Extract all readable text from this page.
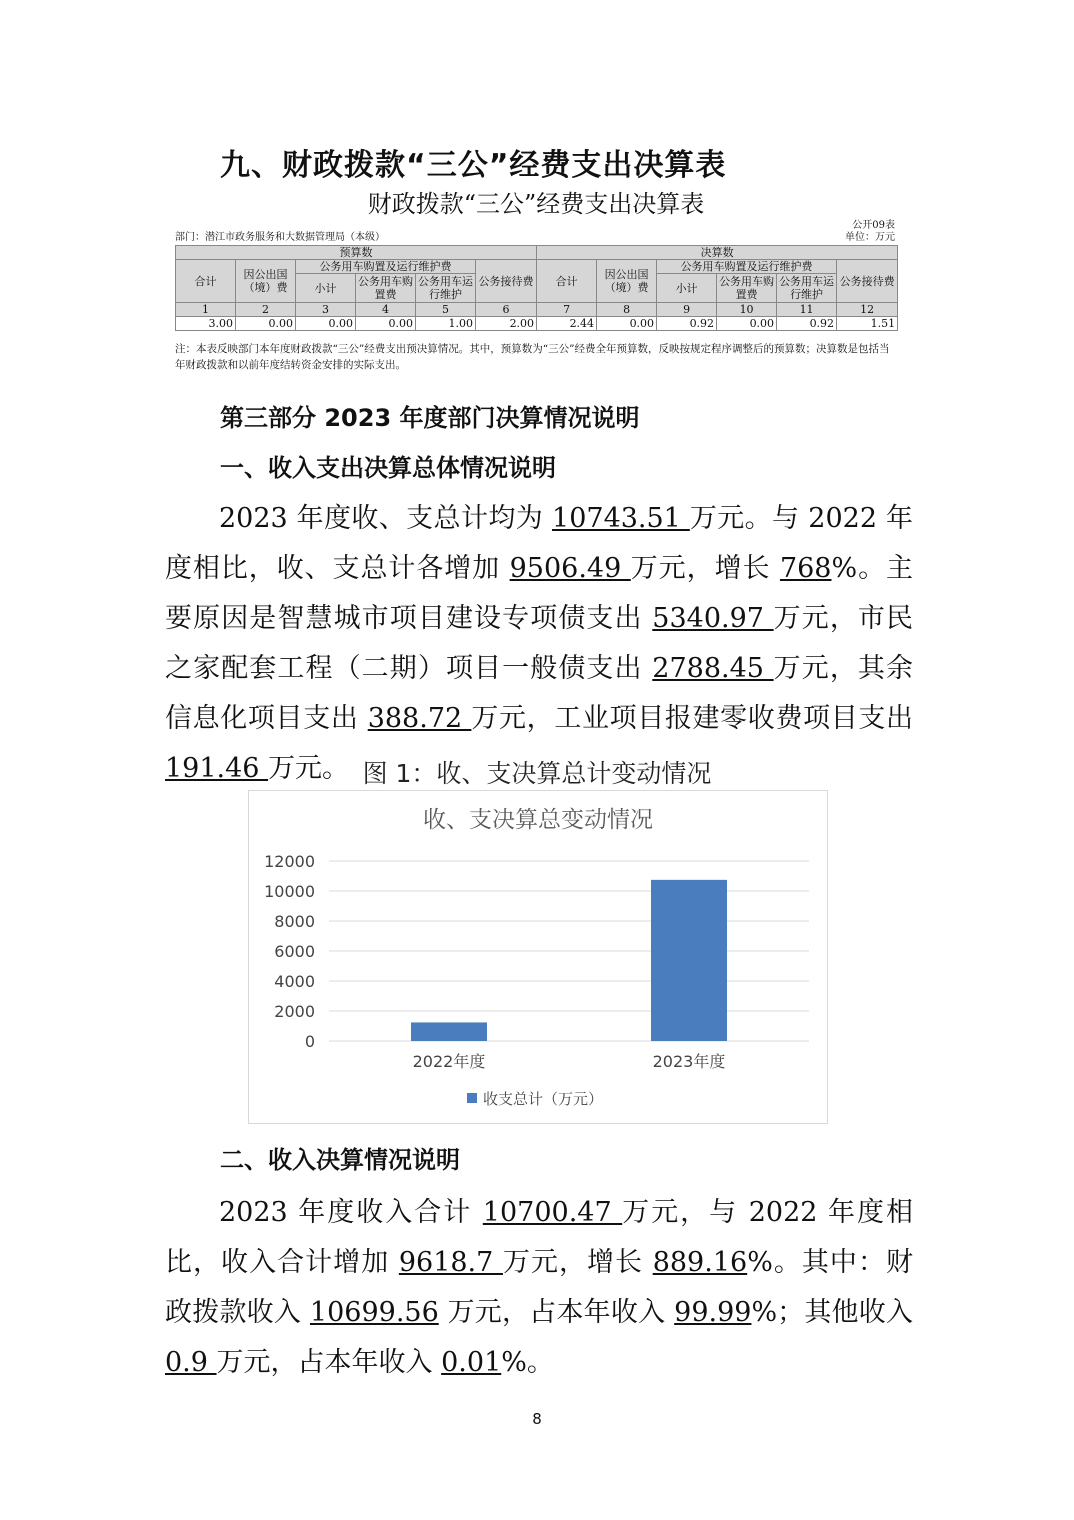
九、财政拨款“三公”经费支出决算表
财政拨款“三公”经费支出决算表
公开09表
部门：潜江市政务服务和大数据管理局（本级）	单位：万元
预算数						决算数					
合计	因公出国（境）费	公务用车购置及运行维护费			公务接待费	合计	因公出国（境）费	公务用车购置及运行维护费			公务接待费
		小计	公务用车购置费	公务用车运行维护				小计	公务用车购置费	公务用车运行维护	
1	2	3	4	5	6	7	8	9	10	11	12
3.00	0.00	0.00	0.00	1.00	2.00	2.44	0.00	0.92	0.00	0.92	1.51
注：本表反映部门本年度财政拨款“三公”经费支出预决算情况。其中，预算数为“三公”经费全年预算数，反映按规定程序调整后的预算数；决算数是包括当年财政拨款和以前年度结转资金安排的实际支出。
第三部分 2023 年度部门决算情况说明
一、收入支出决算总体情况说明
2023 年度收、支总计均为 10743.51 万元。与 2022 年度相比，收、支总计各增加 9506.49 万元，增长 768%。主要原因是智慧城市项目建设专项债支出 5340.97 万元，市民之家配套工程（二期）项目一般债支出 2788.45 万元，其余信息化项目支出 388.72 万元，工业项目报建零收费项目支出 191.46 万元。 图 1：收、支决算总计变动情况
收、支决算总变动情况
0
2000
4000
6000
8000
10000
12000
2022年度	2023年度
收支总计（万元）
二、收入决算情况说明
2023 年度收入合计 10700.47 万元，与 2022 年度相比，收入合计增加 9618.7 万元，增长 889.16%。其中：财政拨款收入 10699.56 万元，占本年收入 99.99%；其他收入 0.9 万元，占本年收入 0.01%。
8
